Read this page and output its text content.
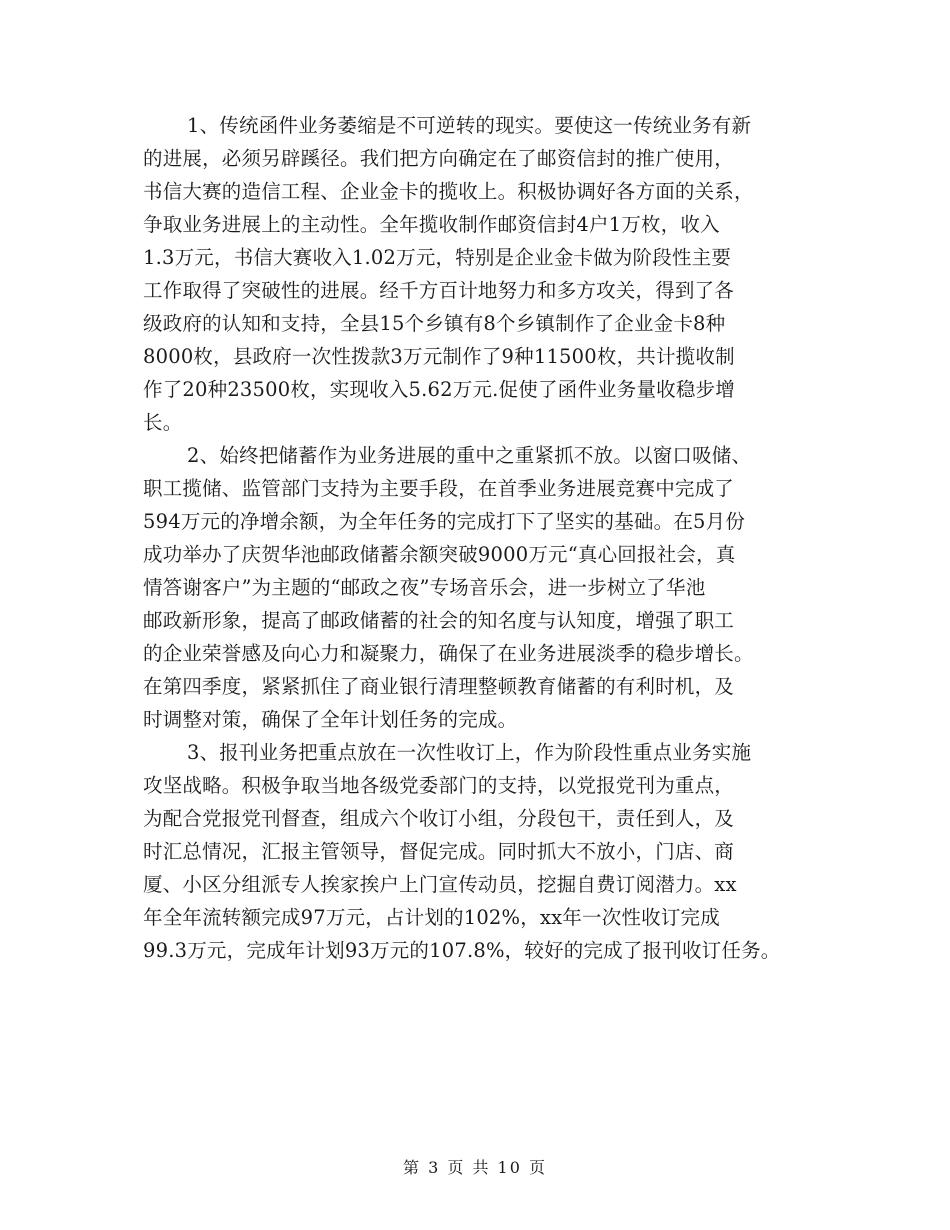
1、传统函件业务萎缩是不可逆转的现实。要使这一传统业务有新
的进展，必须另辟蹊径。我们把方向确定在了邮资信封的推广使用，
书信大赛的造信工程、企业金卡的揽收上。积极协调好各方面的关系，
争取业务进展上的主动性。全年揽收制作邮资信封4户1万枚，收入
1.3万元，书信大赛收入1.02万元，特别是企业金卡做为阶段性主要
工作取得了突破性的进展。经千方百计地努力和多方攻关，得到了各
级政府的认知和支持，全县15个乡镇有8个乡镇制作了企业金卡8种
8000枚，县政府一次性拨款3万元制作了9种11500枚，共计揽收制
作了20种23500枚，实现收入5.62万元.促使了函件业务量收稳步增
长。
2、始终把储蓄作为业务进展的重中之重紧抓不放。以窗口吸储、
职工揽储、监管部门支持为主要手段，在首季业务进展竞赛中完成了
594万元的净增余额，为全年任务的完成打下了坚实的基础。在5月份
成功举办了庆贺华池邮政储蓄余额突破9000万元“真心回报社会，真
情答谢客户”为主题的“邮政之夜”专场音乐会，进一步树立了华池
邮政新形象，提高了邮政储蓄的社会的知名度与认知度，增强了职工
的企业荣誉感及向心力和凝聚力，确保了在业务进展淡季的稳步增长。
在第四季度，紧紧抓住了商业银行清理整顿教育储蓄的有利时机，及
时调整对策，确保了全年计划任务的完成。
3、报刊业务把重点放在一次性收订上，作为阶段性重点业务实施
攻坚战略。积极争取当地各级党委部门的支持，以党报党刊为重点，
为配合党报党刊督查，组成六个收订小组，分段包干，责任到人，及
时汇总情况，汇报主管领导，督促完成。同时抓大不放小，门店、商
厦、小区分组派专人挨家挨户上门宣传动员，挖掘自费订阅潜力。xx
年全年流转额完成97万元，占计划的102%，xx年一次性收订完成
99.3万元，完成年计划93万元的107.8%，较好的完成了报刊收订任务。
第 3 页 共 10 页
